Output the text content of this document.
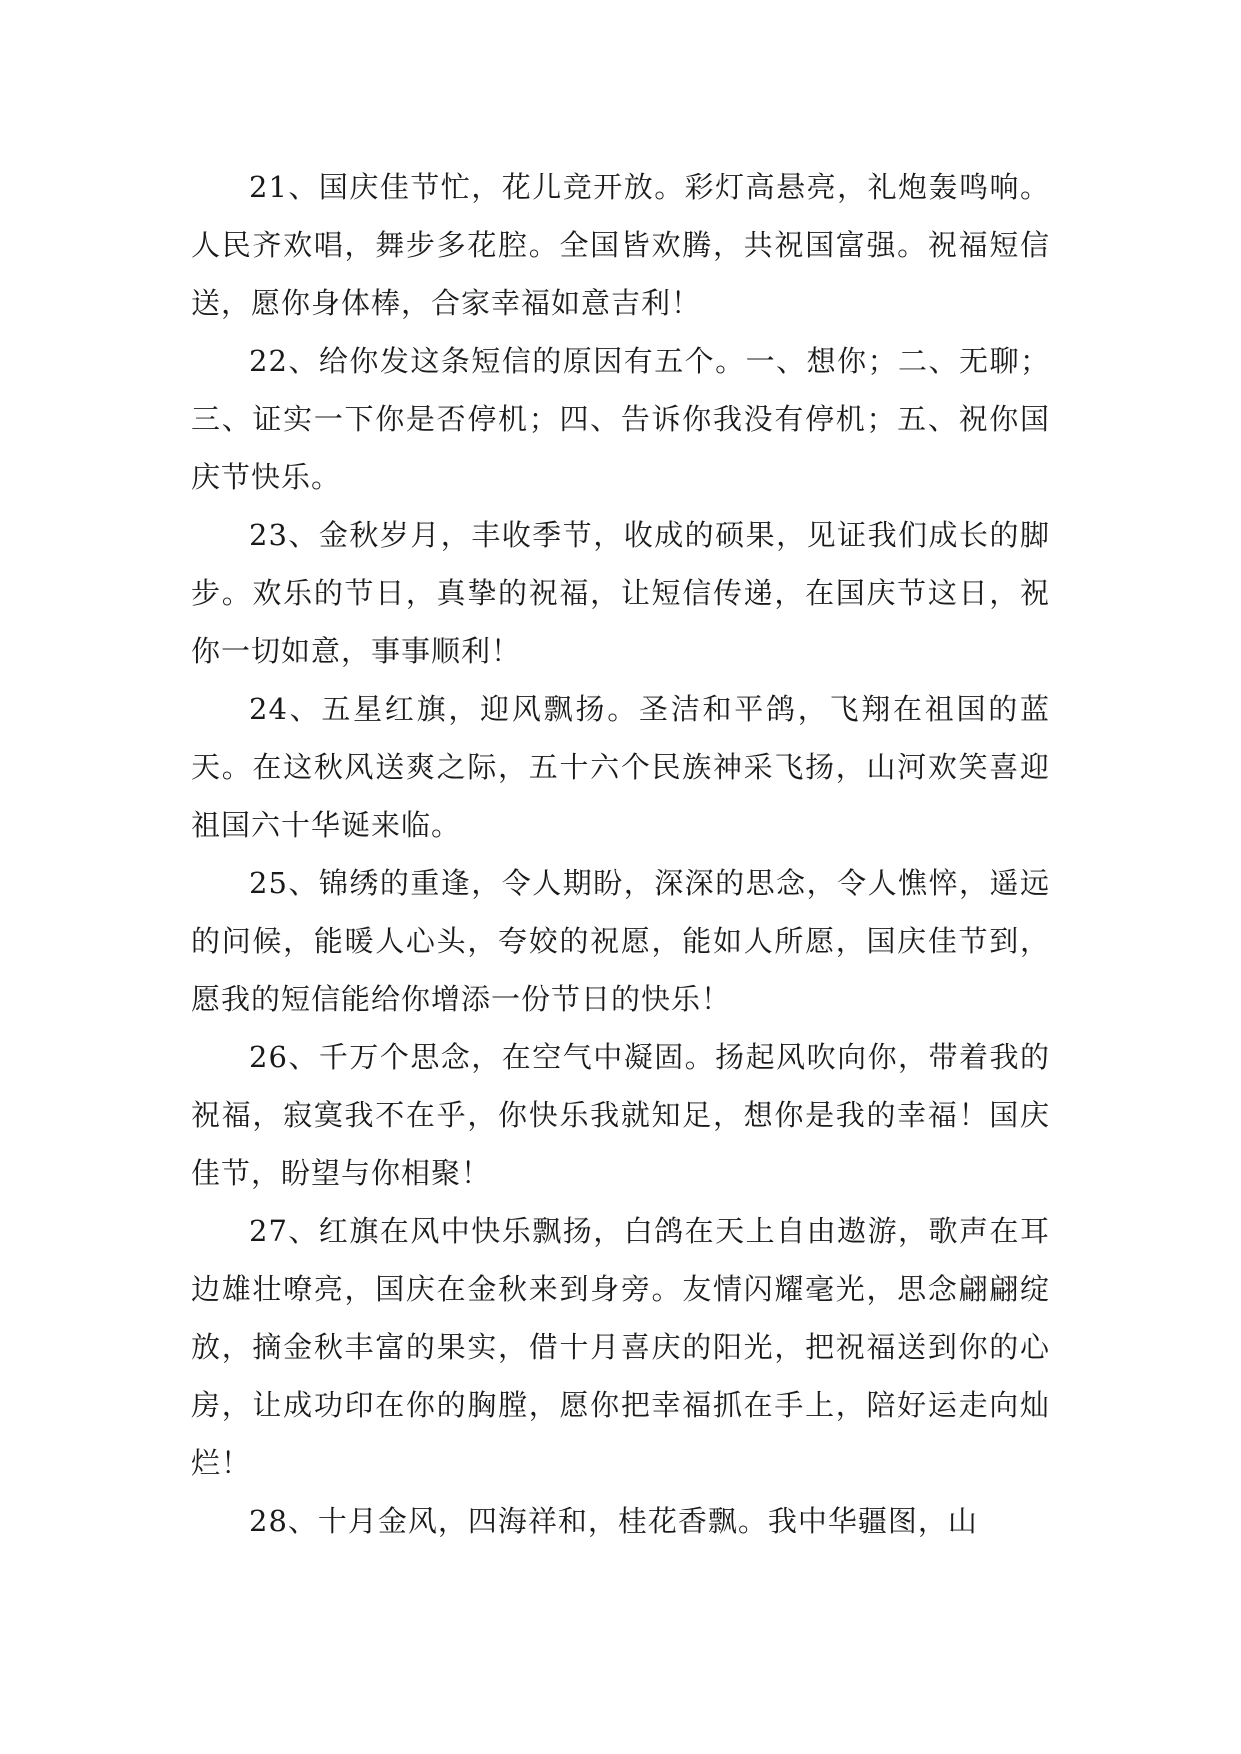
21、国庆佳节忙，花儿竞开放。彩灯高悬亮，礼炮轰鸣响。人民齐欢唱，舞步多花腔。全国皆欢腾，共祝国富强。祝福短信送，愿你身体棒，合家幸福如意吉利！

22、给你发这条短信的原因有五个。一、想你；二、无聊；三、证实一下你是否停机；四、告诉你我没有停机；五、祝你国庆节快乐。

23、金秋岁月，丰收季节，收成的硕果，见证我们成长的脚步。欢乐的节日，真挚的祝福，让短信传递，在国庆节这日，祝你一切如意，事事顺利！

24、五星红旗，迎风飘扬。圣洁和平鸽，飞翔在祖国的蓝天。在这秋风送爽之际，五十六个民族神采飞扬，山河欢笑喜迎祖国六十华诞来临。

25、锦绣的重逢，令人期盼，深深的思念，令人憔悴，遥远的问候，能暖人心头，夸姣的祝愿，能如人所愿，国庆佳节到，愿我的短信能给你增添一份节日的快乐！

26、千万个思念，在空气中凝固。扬起风吹向你，带着我的祝福，寂寞我不在乎，你快乐我就知足，想你是我的幸福！国庆佳节，盼望与你相聚！

27、红旗在风中快乐飘扬，白鸽在天上自由遨游，歌声在耳边雄壮嘹亮，国庆在金秋来到身旁。友情闪耀毫光，思念翩翩绽放，摘金秋丰富的果实，借十月喜庆的阳光，把祝福送到你的心房，让成功印在你的胸膛，愿你把幸福抓在手上，陪好运走向灿烂！

28、十月金风，四海祥和，桂花香飘。我中华疆图，山
